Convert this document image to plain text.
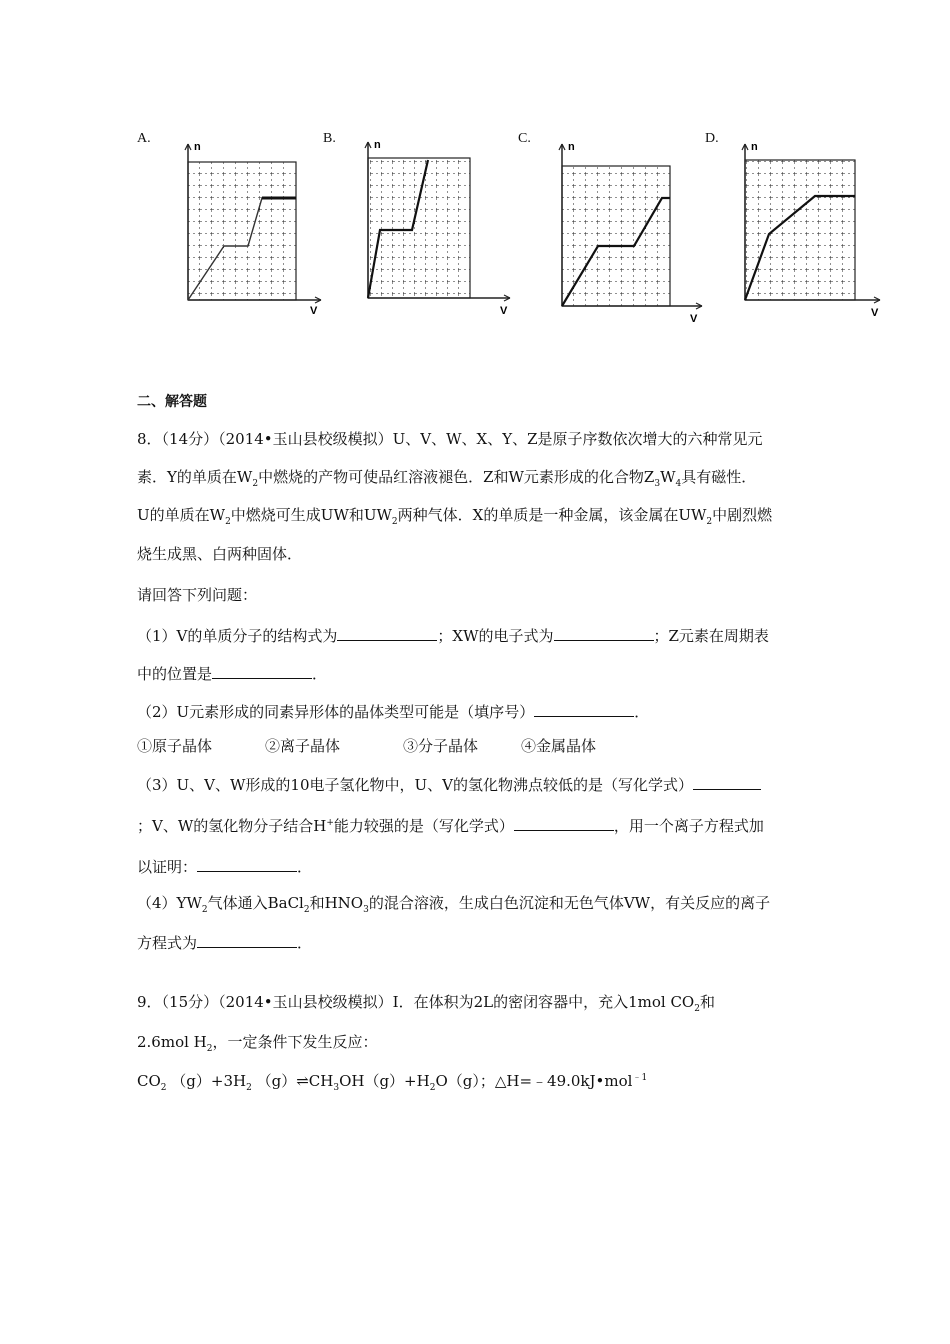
A.	B.	C.	D.
n
V
n
V
n
V
n
V
二、解答题
8．（14分）（2014•玉山县校级模拟）U、V、W、X、Y、Z是原子序数依次增大的六种常见元
素．Y的单质在$W_2$中燃烧的产物可使品红溶液褪色．Z和W元素形成的化合物$Z_3W_4$具有磁性．
U的单质在$W_2$中燃烧可生成UW和$UW_2$两种气体．X的单质是一种金属，该金属在$UW_2$中剧烈燃
烧生成黑、白两种固体．
请回答下列问题：
（1）V的单质分子的结构式为	；XW的电子式为	；Z元素在周期表
中的位置是	．
（2）U元素形成的同素异形体的晶体类型可能是（填序号）	．
①原子晶体	②离子晶体	③分子晶体	④金属晶体
（3）U、V、W形成的10电子氢化物中，U、V的氢化物沸点较低的是（写化学式）
；V、W的氢化物分子结合H+能力较强的是（写化学式）	，用一个离子方程式加
以证明：	．
$(4)YW_2$气体通入BaCl$_2$和$HNO_3$的混合溶液，生成白色沉淀和无色气体VW，有关反应的离子
方程式为	．
9．（15分）（2014•玉山县校级模拟）Ⅰ．在体积为2L的密闭容器中，充入1mol $CO_2$和
2.6mol $H_2$，一定条件下发生反应：
$CO_2$ $(g)+3H_2$ $(g)\rightleftharpoons CH_3OH(g)+H_2O(g)$；△H=﹣49.0kJ•mol$^{﹣1}$
